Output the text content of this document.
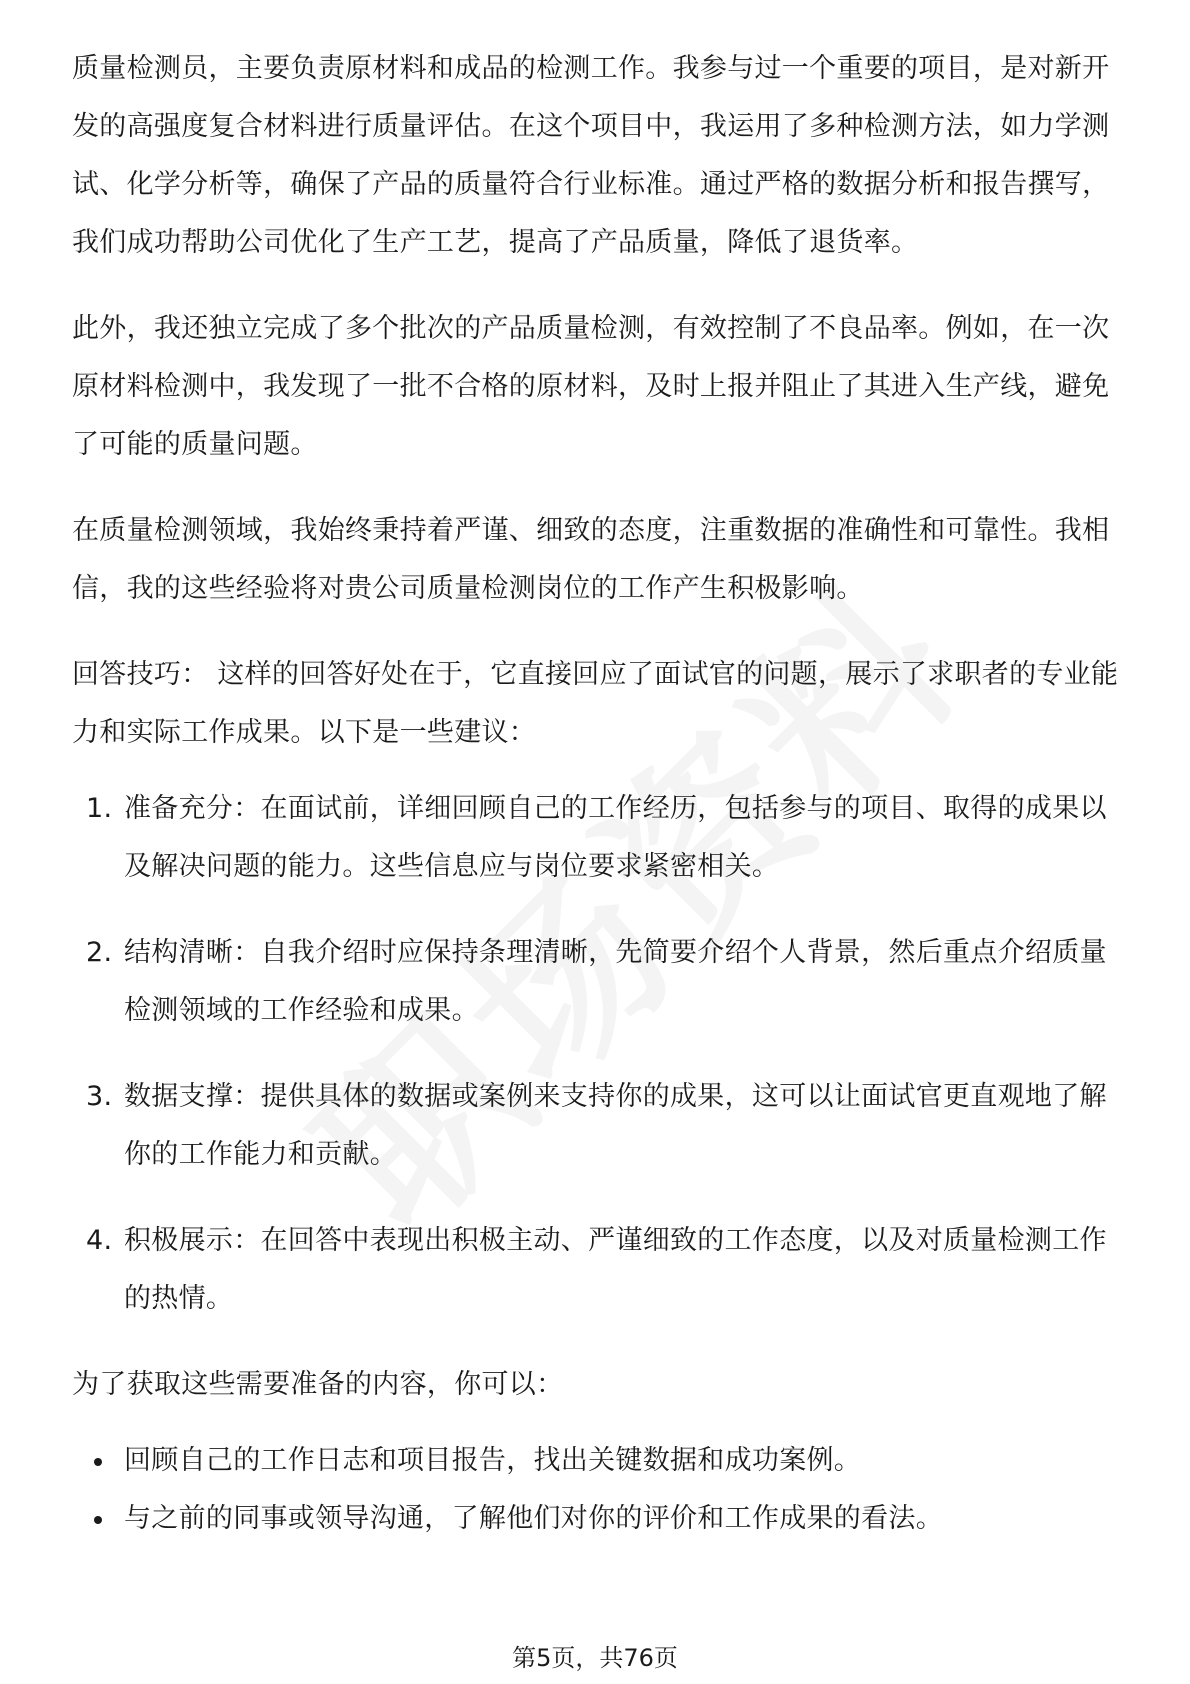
质量检测员，主要负责原材料和成品的检测工作。我参与过一个重要的项目，是对新开发的高强度复合材料进行质量评估。在这个项目中，我运用了多种检测方法，如力学测试、化学分析等，确保了产品的质量符合行业标准。通过严格的数据分析和报告撰写，我们成功帮助公司优化了生产工艺，提高了产品质量，降低了退货率。

此外，我还独立完成了多个批次的产品质量检测，有效控制了不良品率。例如，在一次原材料检测中，我发现了一批不合格的原材料，及时上报并阻止了其进入生产线，避免了可能的质量问题。

在质量检测领域，我始终秉持着严谨、细致的态度，注重数据的准确性和可靠性。我相信，我的这些经验将对贵公司质量检测岗位的工作产生积极影响。

回答技巧： 这样的回答好处在于，它直接回应了面试官的问题，展示了求职者的专业能力和实际工作成果。以下是一些建议：

1. 准备充分：在面试前，详细回顾自己的工作经历，包括参与的项目、取得的成果以及解决问题的能力。这些信息应与岗位要求紧密相关。
2. 结构清晰：自我介绍时应保持条理清晰，先简要介绍个人背景，然后重点介绍质量检测领域的工作经验和成果。
3. 数据支撑：提供具体的数据或案例来支持你的成果，这可以让面试官更直观地了解你的工作能力和贡献。
4. 积极展示：在回答中表现出积极主动、严谨细致的工作态度，以及对质量检测工作的热情。

为了获取这些需要准备的内容，你可以：

回顾自己的工作日志和项目报告，找出关键数据和成功案例。
与之前的同事或领导沟通，了解他们对你的评价和工作成果的看法。
第5页，共76页
